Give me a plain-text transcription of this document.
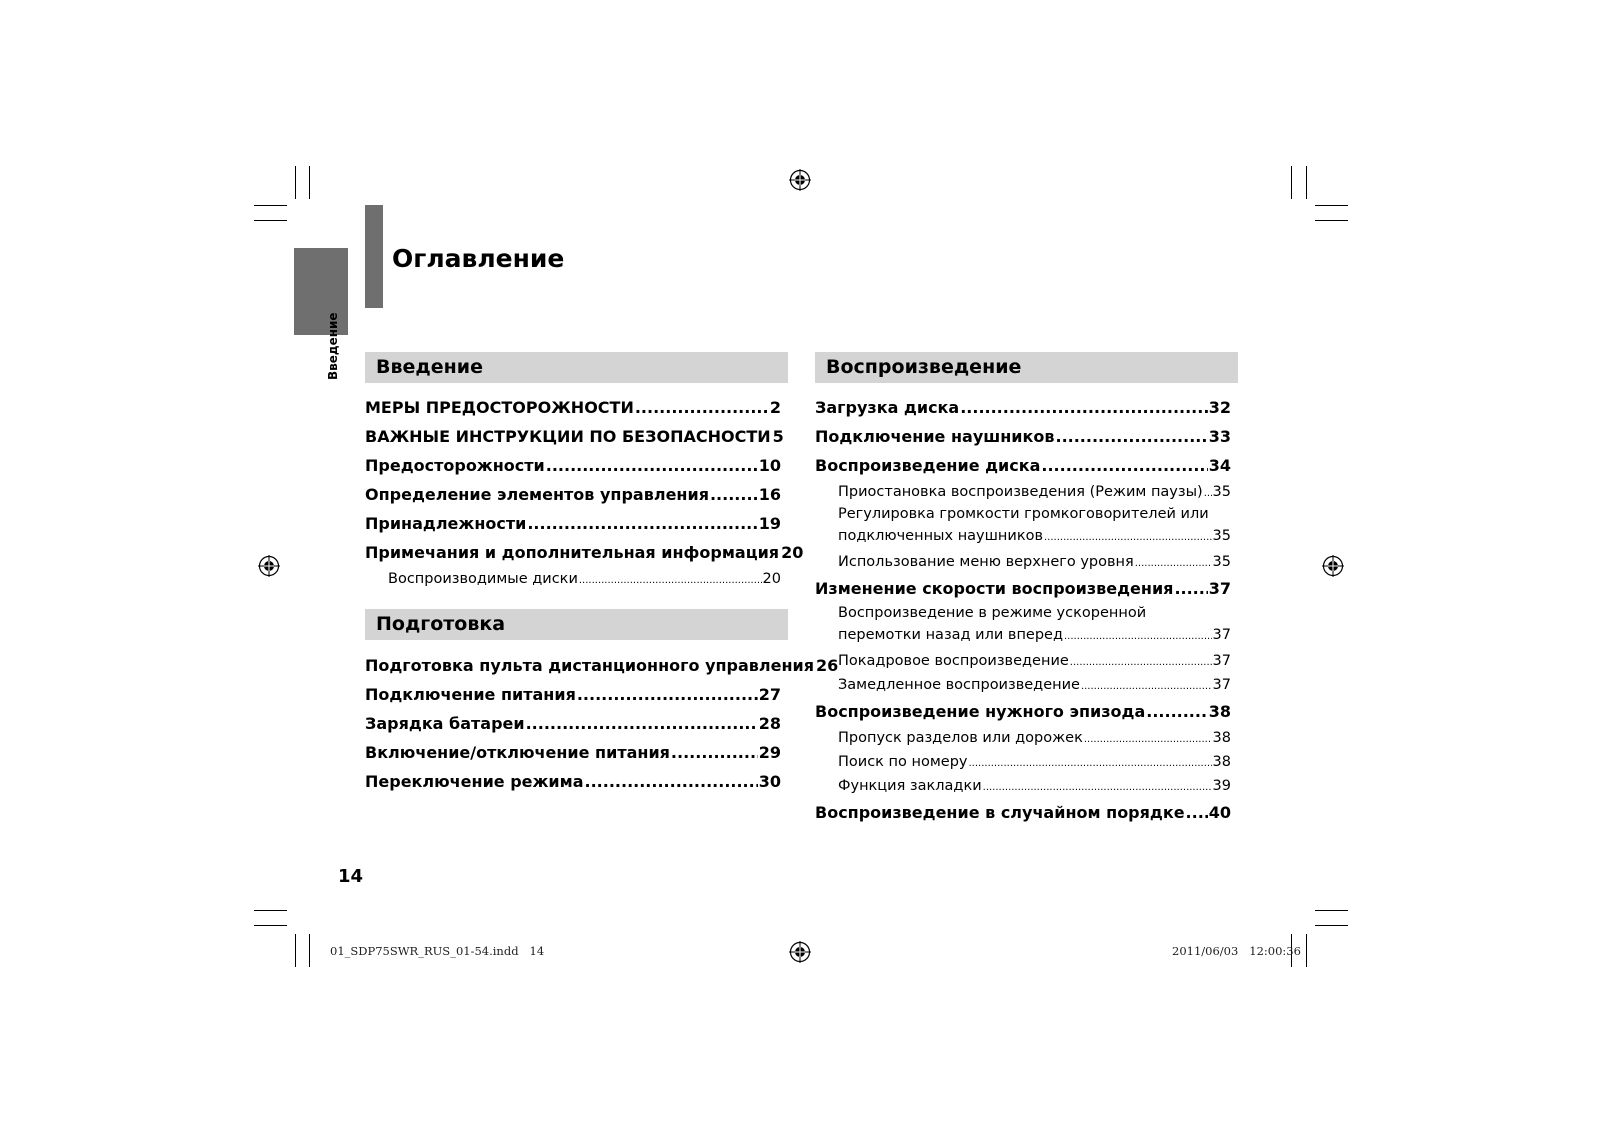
Введение
Оглавление
Введение
МЕРЫ ПРЕДОСТОРОЖНОСТИ .....	2
ВАЖНЫЕ ИНСТРУКЦИИ ПО БЕЗОПАСНОСТИ 5
Предосторожности .....	10
Определение элементов управления .....	16
Принадлежности .....	19
Примечания и дополнительная информация 20
Воспроизводимые диски .....	20
Подготовка
Подготовка пульта дистанционного управления 26
Подключение питания .....	27
Зарядка батареи .....	28
Включение/отключение питания .....	29
Переключение режима .....	30
Воспроизведение
Загрузка диска .....	32
Подключение наушников .....	33
Воспроизведение диска .....	34
Приостановка воспроизведения (Режим паузы) ..... 35
Регулировка громкости громкоговорителей или
подключенных наушников .....	35
Использование меню верхнего уровня .....	35
Изменение скорости воспроизведения ..... 37
Воспроизведение в режиме ускоренной
перемотки назад или вперед .....	37
Покадровое воспроизведение .....	37
Замедленное воспроизведение .....	37
Воспроизведение нужного эпизода .....	38
Пропуск разделов или дорожек .....	38
Поиск по номеру .....	38
Функция закладки .....	39
Воспроизведение в случайном порядке ..... 40
14
01_SDP75SWR_RUS_01-54.indd   14	2011/06/03   12:00:36
